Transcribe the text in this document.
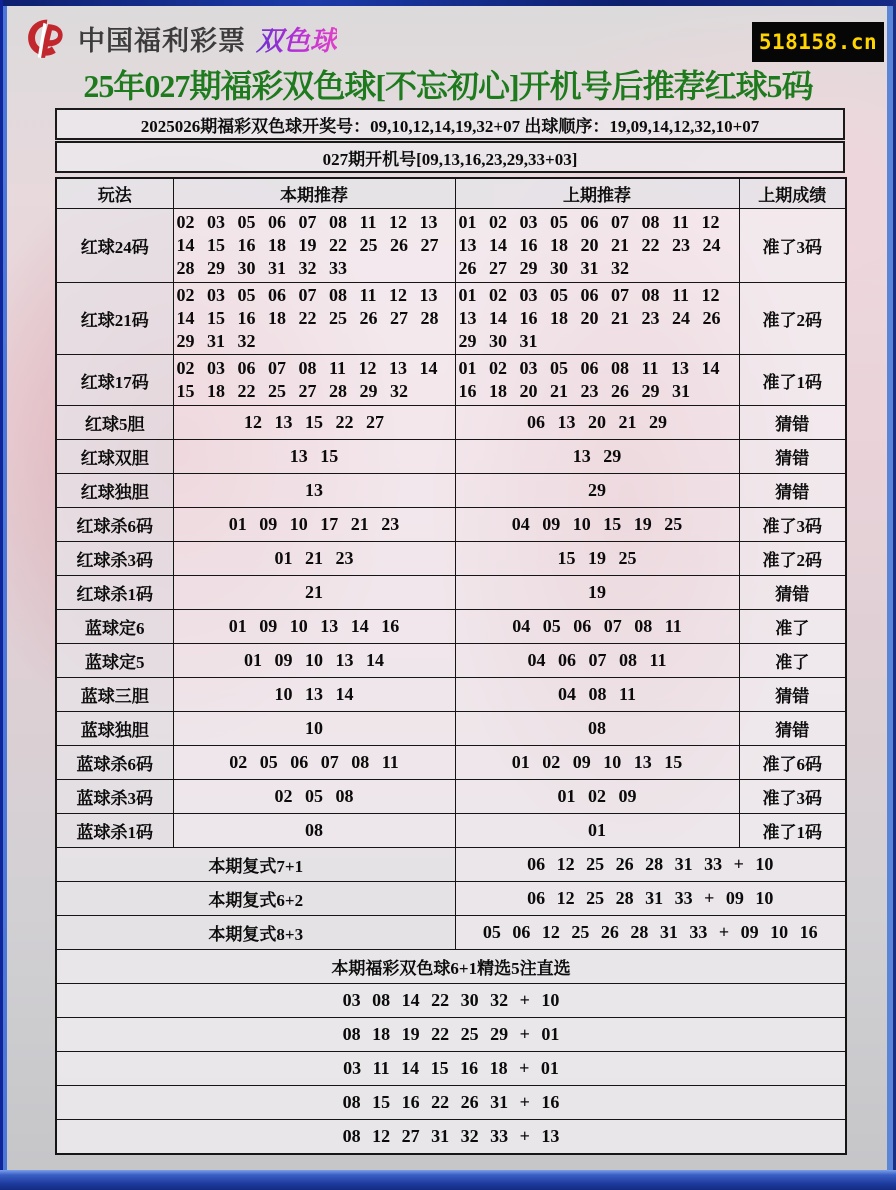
中国福利彩票 双色球	518158.cn
25年027期福彩双色球[不忘初心]开机号后推荐红球5码
2025026期福彩双色球开奖号：09,10,12,14,19,32+07 出球顺序：19,09,14,12,32,10+07
027期开机号[09,13,16,23,29,33+03]
玩法	本期推荐	上期推荐	上期成绩
红球24码	02 03 05 06 07 08 11 12 13 14 15 16 18 19 22 25 26 27 28 29 30 31 32 33	01 02 03 05 06 07 08 11 12 13 14 16 18 20 21 22 23 24 26 27 29 30 31 32	准了3码
红球21码	02 03 05 06 07 08 11 12 13 14 15 16 18 22 25 26 27 28 29 31 32	01 02 03 05 06 07 08 11 12 13 14 16 18 20 21 23 24 26 29 30 31	准了2码
红球17码	02 03 06 07 08 11 12 13 14 15 18 22 25 27 28 29 32	01 02 03 05 06 08 11 13 14 16 18 20 21 23 26 29 31	准了1码
红球5胆	12 13 15 22 27	06 13 20 21 29	猜错
红球双胆	13 15	13 29	猜错
红球独胆	13	29	猜错
红球杀6码	01 09 10 17 21 23	04 09 10 15 19 25	准了3码
红球杀3码	01 21 23	15 19 25	准了2码
红球杀1码	21	19	猜错
蓝球定6	01 09 10 13 14 16	04 05 06 07 08 11	准了
蓝球定5	01 09 10 13 14	04 06 07 08 11	准了
蓝球三胆	10 13 14	04 08 11	猜错
蓝球独胆	10	08	猜错
蓝球杀6码	02 05 06 07 08 11	01 02 09 10 13 15	准了6码
蓝球杀3码	02 05 08	01 02 09	准了3码
蓝球杀1码	08	01	准了1码
本期复式7+1		06 12 25 26 28 31 33 + 10	
本期复式6+2		06 12 25 28 31 33 + 09 10	
本期复式8+3		05 06 12 25 26 28 31 33 + 09 10 16	
本期福彩双色球6+1精选5注直选			
03 08 14 22 30 32 + 10			
08 18 19 22 25 29 + 01			
03 11 14 15 16 18 + 01			
08 15 16 22 26 31 + 16			
08 12 27 31 32 33 + 13			
